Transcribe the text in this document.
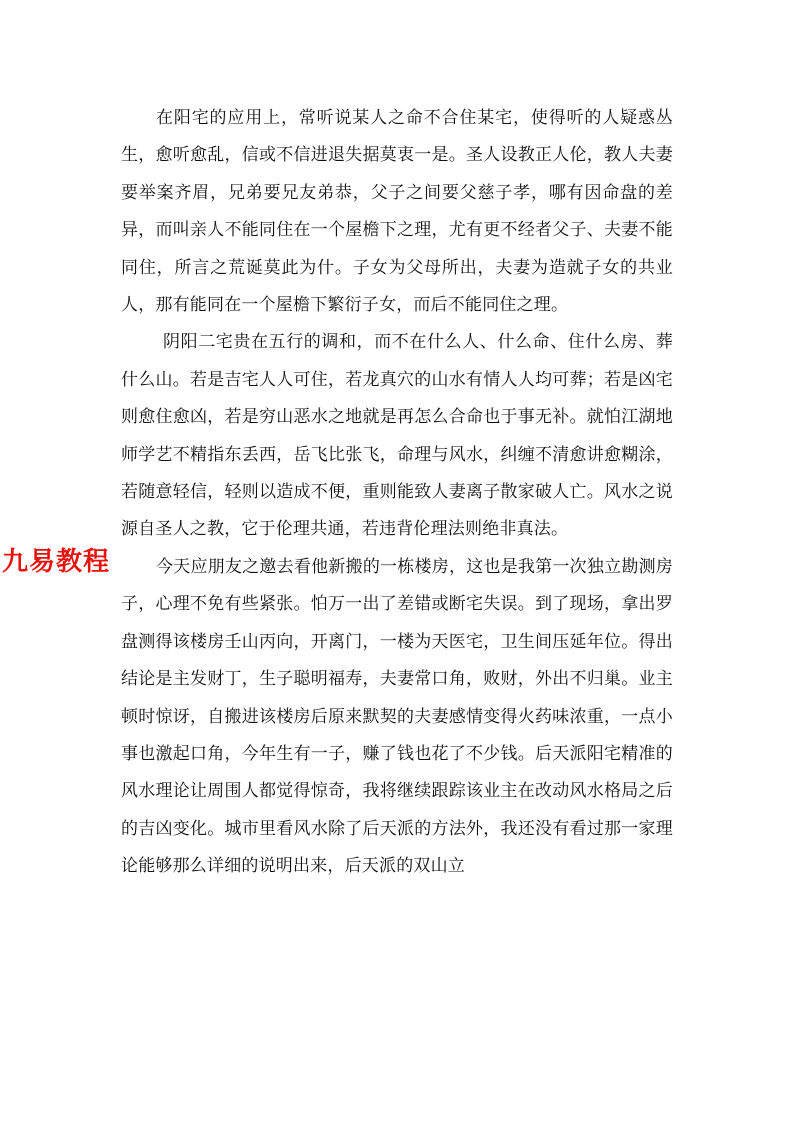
在阳宅的应用上，常听说某人之命不合住某宅，使得听的人疑惑丛生，愈听愈乱，信或不信进退失据莫衷一是。圣人设教正人伦，教人夫妻要举案齐眉，兄弟要兄友弟恭，父子之间要父慈子孝，哪有因命盘的差异，而叫亲人不能同住在一个屋檐下之理，尤有更不经者父子、夫妻不能同住，所言之荒诞莫此为什。子女为父母所出，夫妻为造就子女的共业人，那有能同在一个屋檐下繁衍子女，而后不能同住之理。

阴阳二宅贵在五行的调和，而不在什么人、什么命、住什么房、葬什么山。若是吉宅人人可住，若龙真穴的山水有情人人均可葬；若是凶宅则愈住愈凶，若是穷山恶水之地就是再怎么合命也于事无补。就怕江湖地师学艺不精指东丢西，岳飞比张飞，命理与风水，纠缠不清愈讲愈糊涂，若随意轻信，轻则以造成不便，重则能致人妻离子散家破人亡。风水之说源自圣人之教，它于伦理共通，若违背伦理法则绝非真法。

今天应朋友之邀去看他新搬的一栋楼房，这也是我第一次独立勘测房子，心理不免有些紧张。怕万一出了差错或断宅失误。到了现场，拿出罗盘测得该楼房壬山丙向，开离门，一楼为天医宅，卫生间压延年位。得出结论是主发财丁，生子聪明福寿，夫妻常口角，败财，外出不归巢。业主顿时惊讶，自搬进该楼房后原来默契的夫妻感情变得火药味浓重，一点小事也激起口角，今年生有一子，赚了钱也花了不少钱。后天派阳宅精准的风水理论让周围人都觉得惊奇，我将继续跟踪该业主在改动风水格局之后的吉凶变化。城市里看风水除了后天派的方法外，我还没有看过那一家理论能够那么详细的说明出来，后天派的双山立

九易教程
